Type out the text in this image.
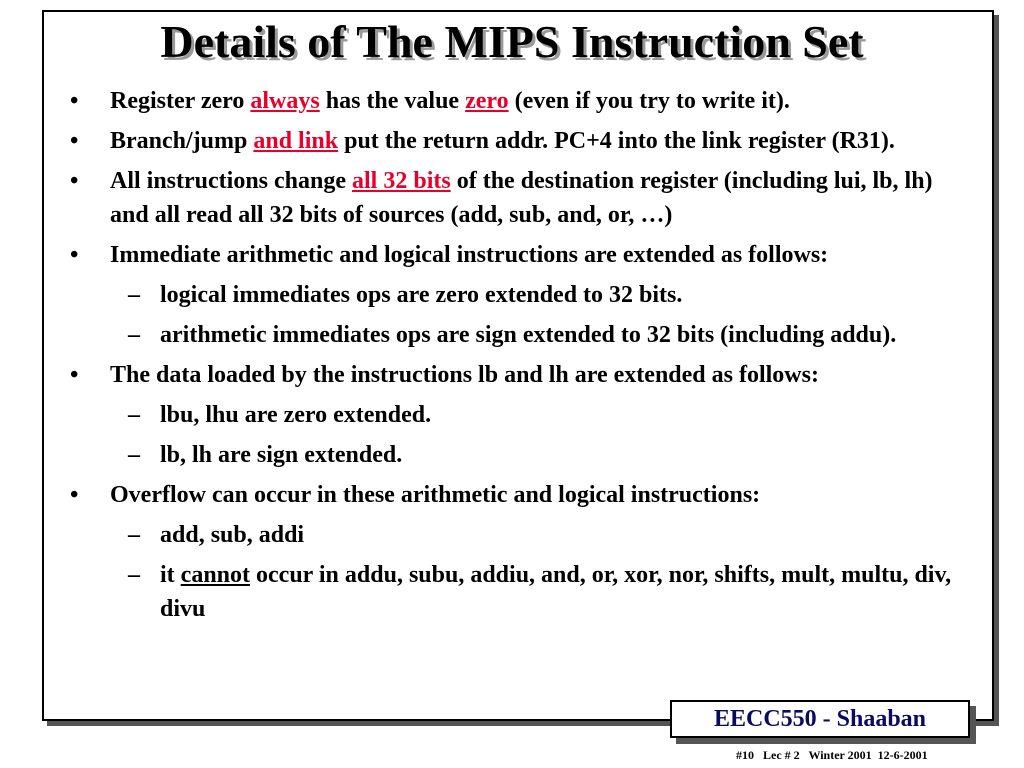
Details of The MIPS Instruction Set
•	Register zero always has the value zero (even if you try to write it).
•	Branch/jump and link put the return addr. PC+4 into the link register (R31).
•	All instructions change all 32 bits of the destination register (including lui, lb, lh) and all read all 32 bits of sources (add, sub, and, or, …)
•	Immediate arithmetic and logical instructions are extended as follows:
– logical immediates ops are zero extended to 32 bits.
– arithmetic immediates ops are sign extended to 32 bits (including addu).
•	The data loaded by the instructions lb and lh are extended as follows:
– lbu, lhu are zero extended.
– lb, lh are sign extended.
•	Overflow can occur in these arithmetic and logical instructions:
– add, sub, addi
– it cannot occur in addu, subu, addiu, and, or, xor, nor, shifts, mult, multu, div, divu
EECC550 - Shaaban
#10   Lec # 2   Winter 2001  12-6-2001
